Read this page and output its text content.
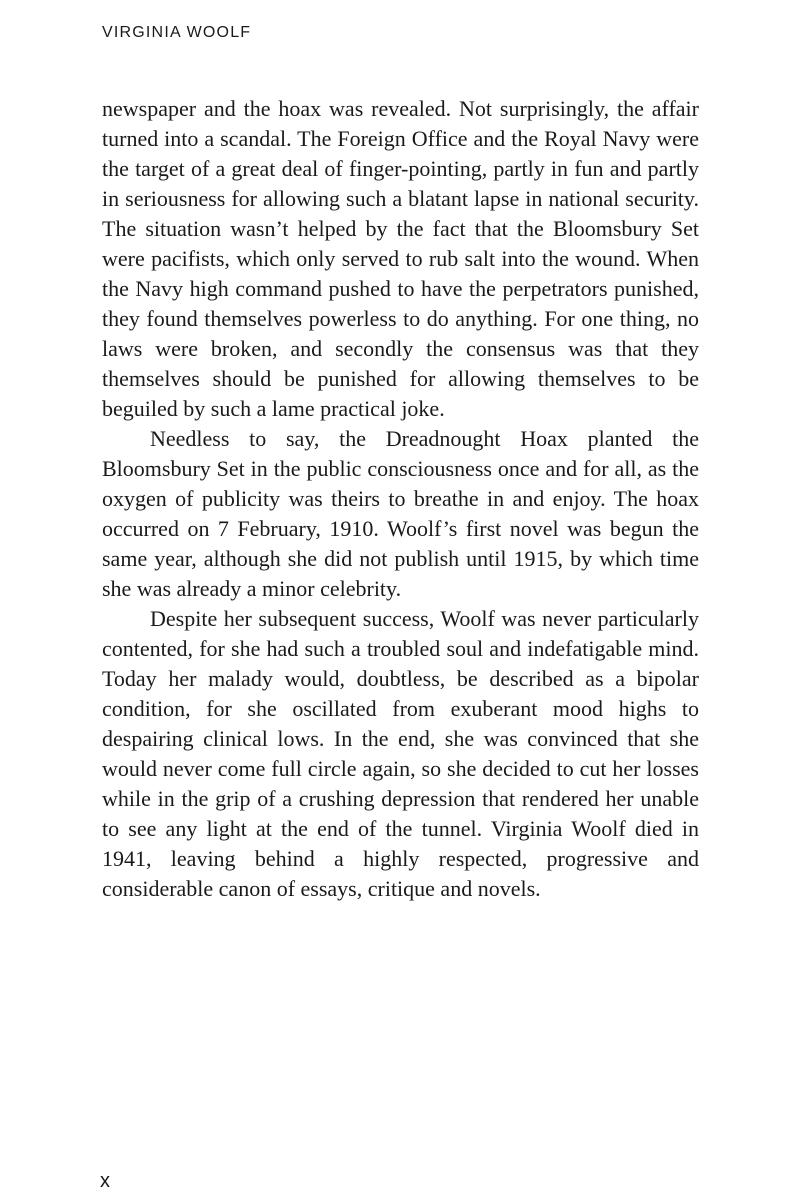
VIRGINIA WOOLF

newspaper and the hoax was revealed. Not surprisingly, the affair turned into a scandal. The Foreign Office and the Royal Navy were the target of a great deal of finger-pointing, partly in fun and partly in seriousness for allowing such a blatant lapse in national security. The situation wasn’t helped by the fact that the Bloomsbury Set were pacifists, which only served to rub salt into the wound. When the Navy high command pushed to have the perpetrators punished, they found themselves powerless to do anything. For one thing, no laws were broken, and secondly the consensus was that they themselves should be punished for allowing themselves to be beguiled by such a lame practical joke.

Needless to say, the Dreadnought Hoax planted the Bloomsbury Set in the public consciousness once and for all, as the oxygen of publicity was theirs to breathe in and enjoy. The hoax occurred on 7 February, 1910. Woolf’s first novel was begun the same year, although she did not publish until 1915, by which time she was already a minor celebrity.

Despite her subsequent success, Woolf was never particularly contented, for she had such a troubled soul and indefatigable mind. Today her malady would, doubtless, be described as a bipolar condition, for she oscillated from exuberant mood highs to despairing clinical lows. In the end, she was convinced that she would never come full circle again, so she decided to cut her losses while in the grip of a crushing depression that rendered her unable to see any light at the end of the tunnel. Virginia Woolf died in 1941, leaving behind a highly respected, progressive and considerable canon of essays, critique and novels.

x
